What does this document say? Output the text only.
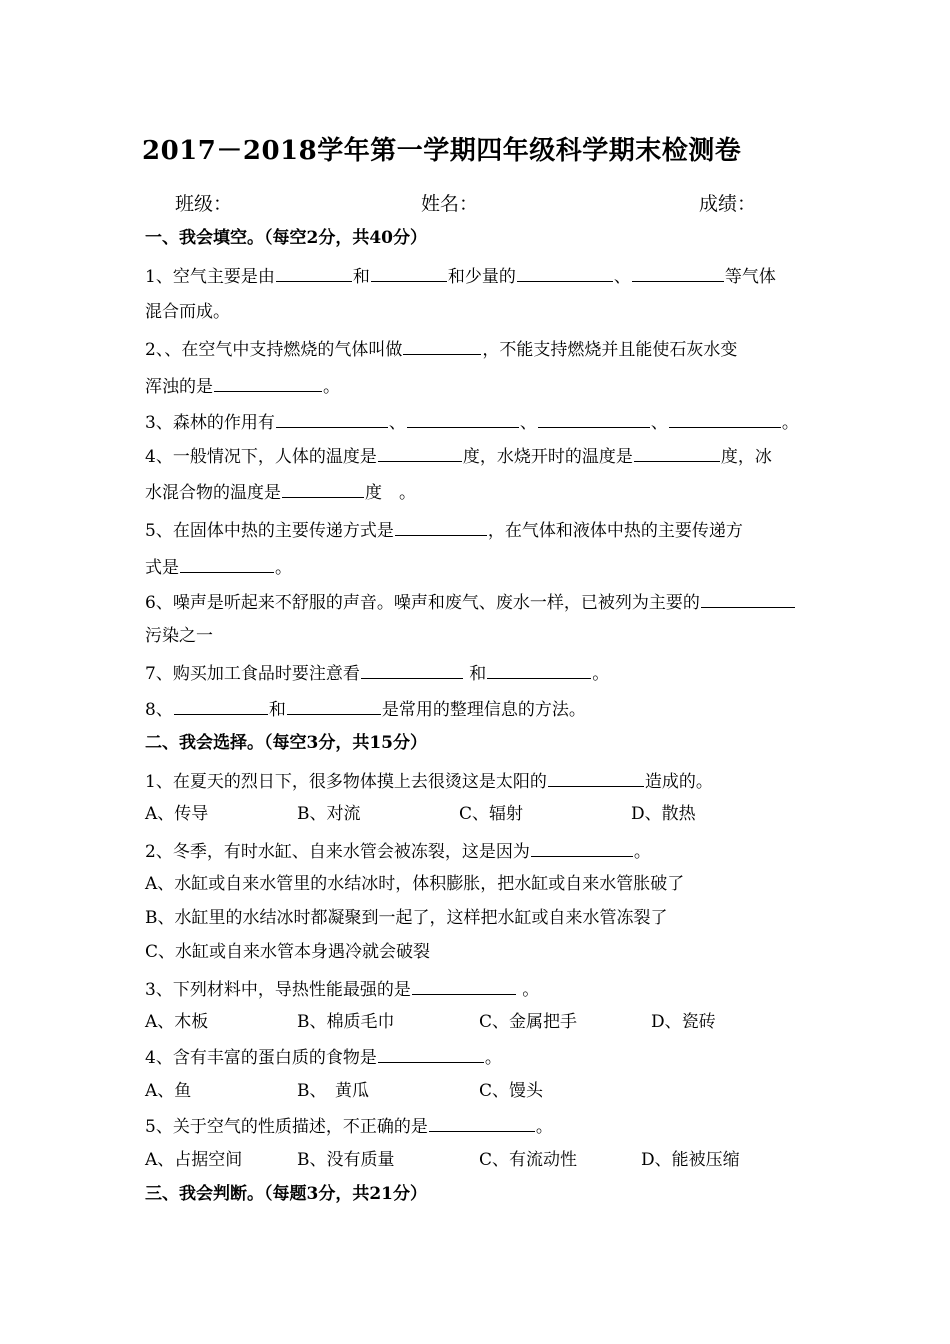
2017－2018学年第一学期四年级科学期末检测卷
班级：	姓名：	成绩：
一、我会填空。（每空2分，共40分）
1、空气主要是由	和	和少量的	、	等气体
混合而成。
2、、在空气中支持燃烧的气体叫做	，不能支持燃烧并且能使石灰水变
浑浊的是	。
3、森林的作用有	、	、	、	。
4、一般情况下，人体的温度是	度，水烧开时的温度是	度，冰
水混合物的温度是	度　。
5、在固体中热的主要传递方式是	，在气体和液体中热的主要传递方
式是	。
6、噪声是听起来不舒服的声音。噪声和废气、废水一样，已被列为主要的
污染之一
7、购买加工食品时要注意看	和	。
8、	和	是常用的整理信息的方法。
二、我会选择。（每空3分，共15分）
1、在夏天的烈日下，很多物体摸上去很烫这是太阳的	造成的。
A、传导	B、对流	C、辐射	D、散热
2、冬季，有时水缸、自来水管会被冻裂，这是因为	。
A、水缸或自来水管里的水结冰时，体积膨胀，把水缸或自来水管胀破了
B、水缸里的水结冰时都凝聚到一起了，这样把水缸或自来水管冻裂了
C、水缸或自来水管本身遇冷就会破裂
3、下列材料中，导热性能最强的是	。
A、木板	B、棉质毛巾	C、金属把手	D、瓷砖
4、含有丰富的蛋白质的食物是	。
A、鱼	B、　黄瓜	C、馒头
5、关于空气的性质描述，不正确的是	。
A、占据空间	B、没有质量	C、有流动性	D、能被压缩
三、我会判断。（每题3分，共21分）
